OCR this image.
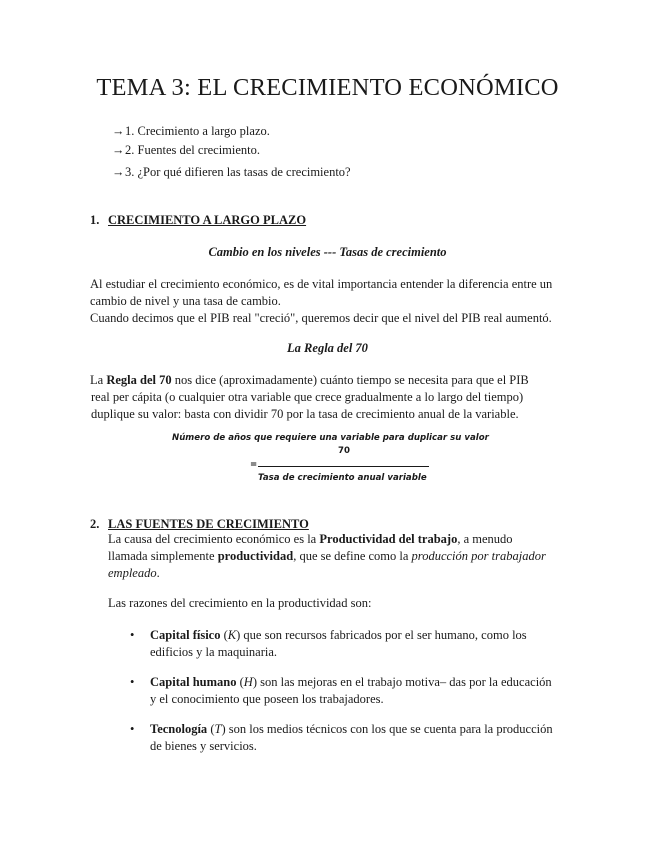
TEMA 3: EL CRECIMIENTO ECONÓMICO
→1. Crecimiento a largo plazo.
→2. Fuentes del crecimiento.
→3. ¿Por qué difieren las tasas de crecimiento?
1. CRECIMIENTO A LARGO PLAZO
Cambio en los niveles --- Tasas de crecimiento
Al estudiar el crecimiento económico, es de vital importancia entender la diferencia entre un
cambio de nivel y una tasa de cambio.
Cuando decimos que el PIB real "creció", queremos decir que el nivel del PIB real aumentó.
La Regla del 70
La Regla del 70 nos dice (aproximadamente) cuánto tiempo se necesita para que el PIB
real per cápita (o cualquier otra variable que crece gradualmente a lo largo del tiempo)
duplique su valor: basta con dividir 70 por la tasa de crecimiento anual de la variable.
Número de años que requiere una variable para duplicar su valor
70
=
Tasa de crecimiento anual variable
2. LAS FUENTES DE CRECIMIENTO
La causa del crecimiento económico es la Productividad del trabajo, a menudo
llamada simplemente productividad, que se define como la producción por trabajador
empleado.
Las razones del crecimiento en la productividad son:
• Capital físico (K) que son recursos fabricados por el ser humano, como los
edificios y la maquinaria.
• Capital humano (H) son las mejoras en el trabajo motiva– das por la educación
y el conocimiento que poseen los trabajadores.
• Tecnología (T) son los medios técnicos con los que se cuenta para la producción
de bienes y servicios.
